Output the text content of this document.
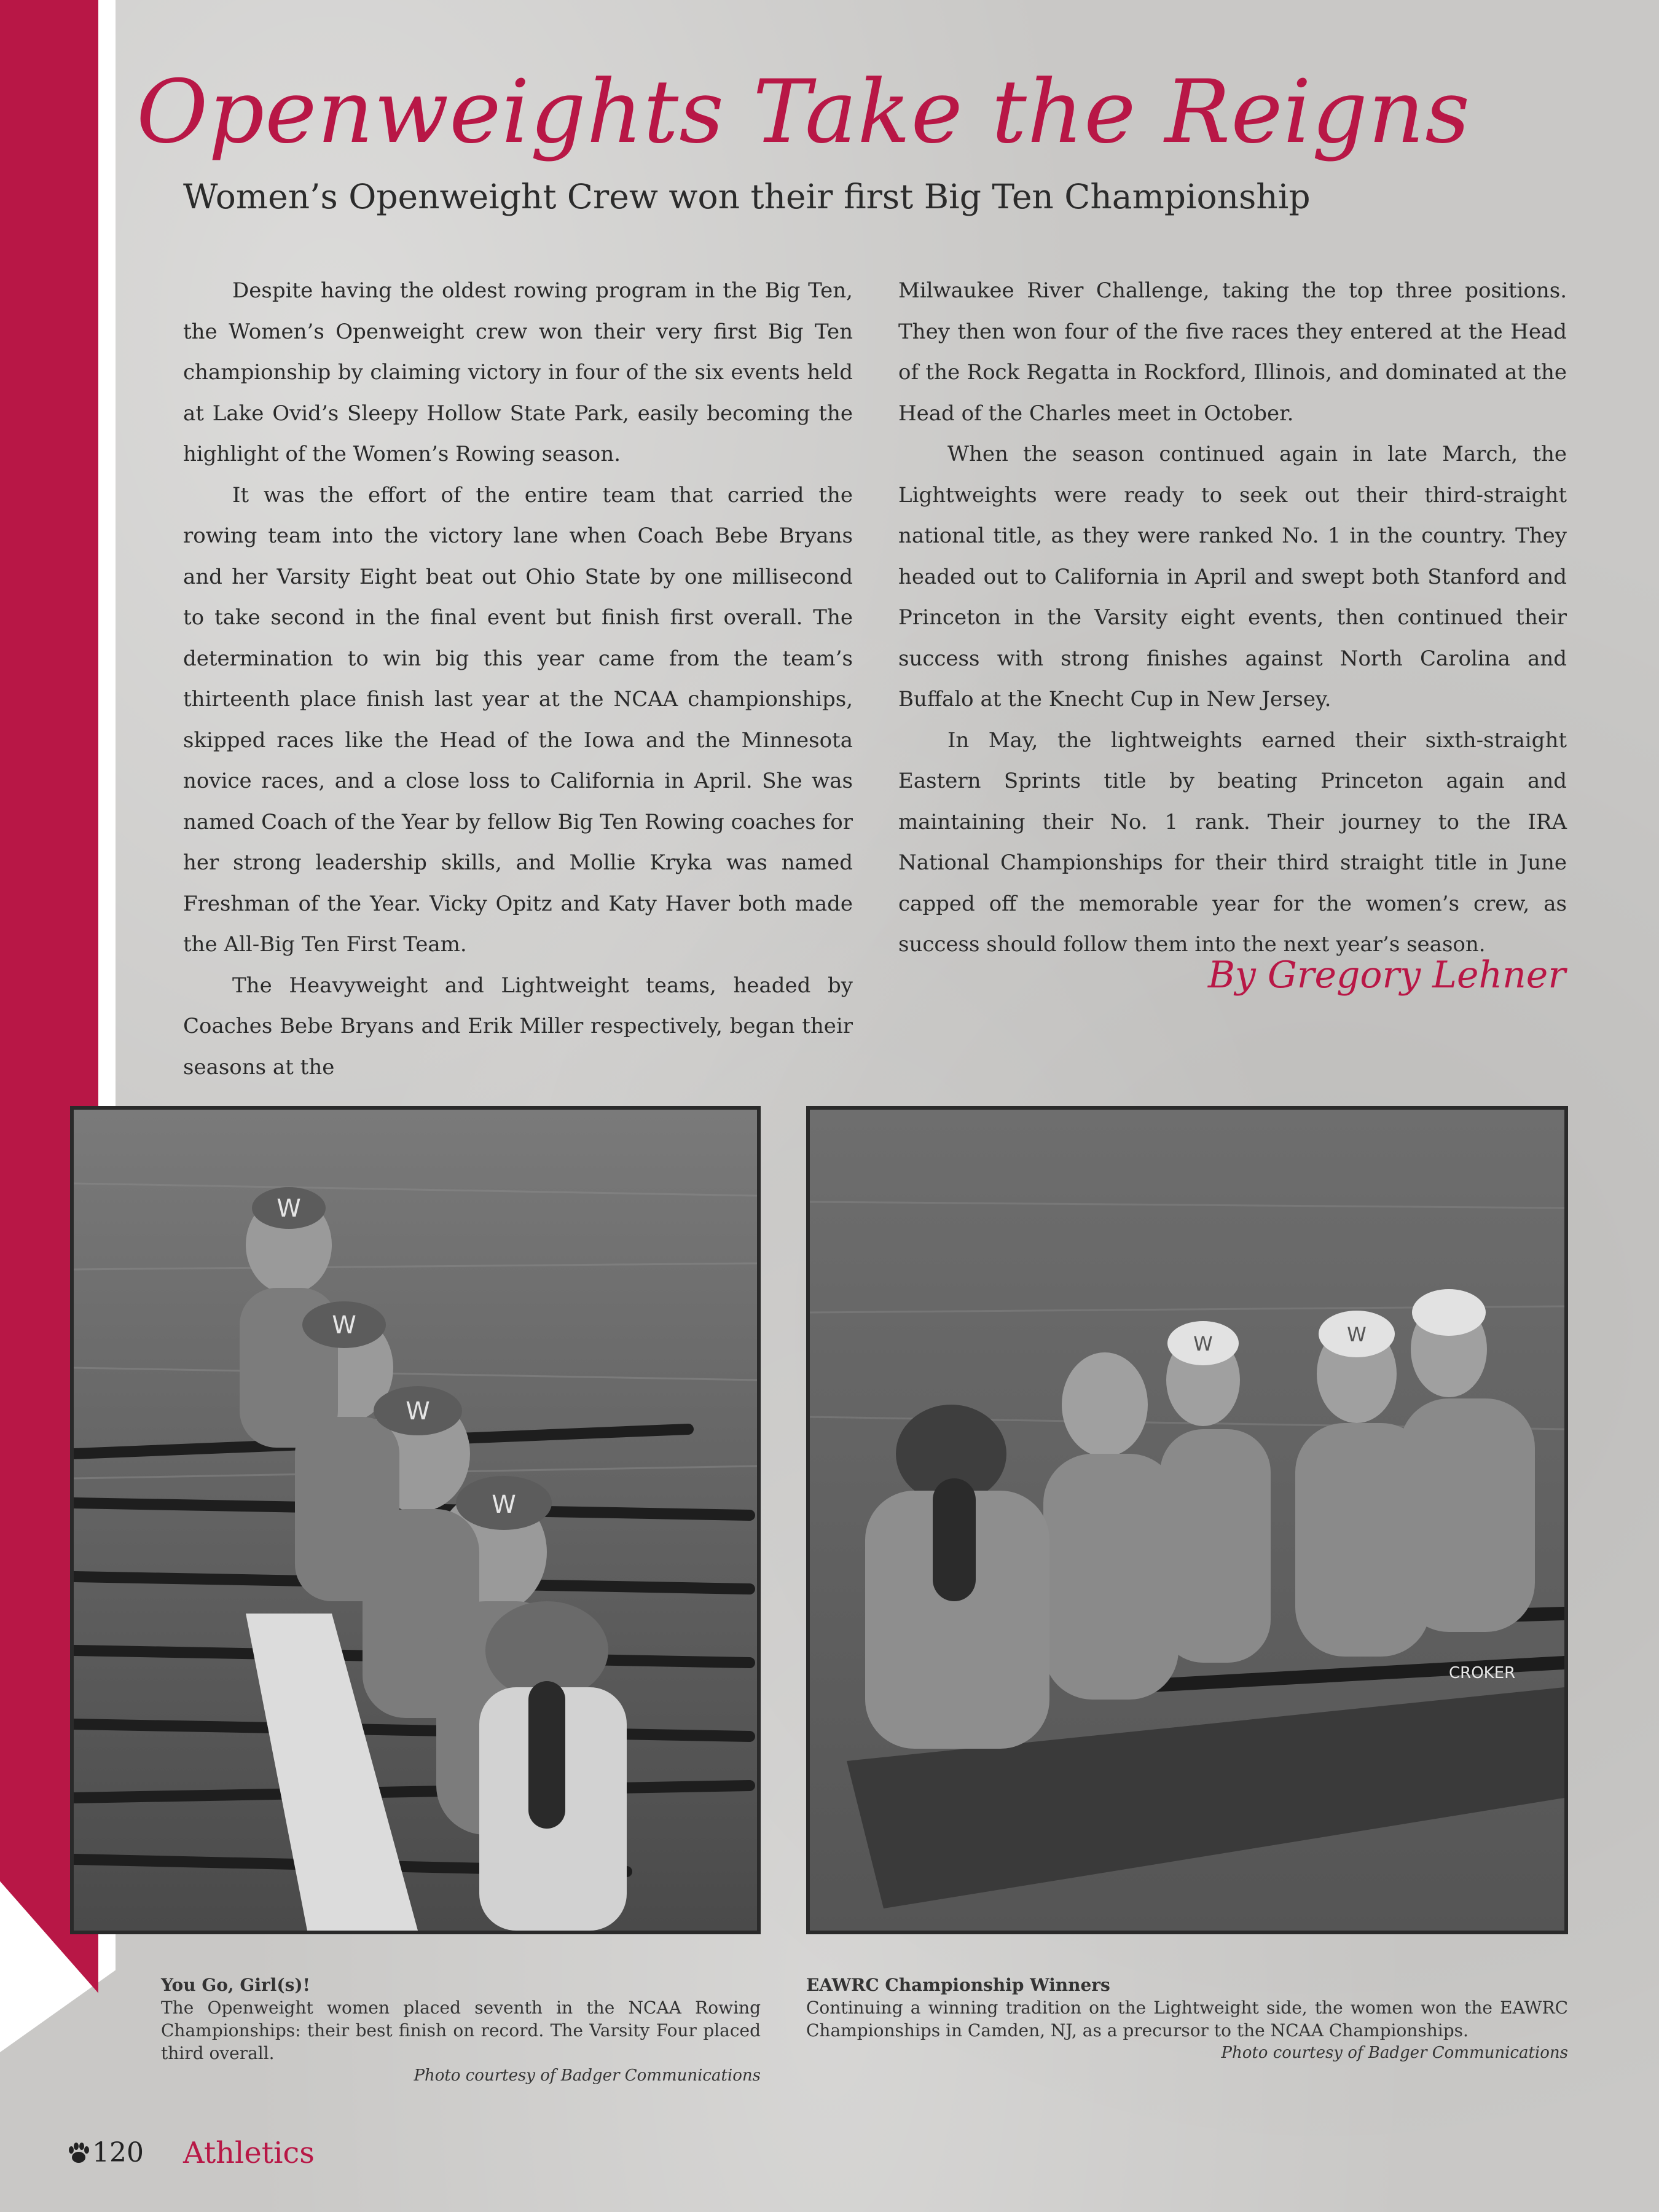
Openweights Take the Reigns
Women’s Openweight Crew won their first Big Ten Championship

Despite having the oldest rowing program in the Big Ten, the Women’s Openweight crew won their very first Big Ten championship by claiming victory in four of the six events held at Lake Ovid’s Sleepy Hollow State Park, easily becoming the highlight of the Women’s Rowing season.

It was the effort of the entire team that carried the rowing team into the victory lane when Coach Bebe Bryans and her Varsity Eight beat out Ohio State by one millisecond to take second in the final event but finish first overall. The determination to win big this year came from the team’s thirteenth place finish last year at the NCAA championships, skipped races like the Head of the Iowa and the Minnesota novice races, and a close loss to California in April. She was named Coach of the Year by fellow Big Ten Rowing coaches for her strong leadership skills, and Mollie Kryka was named Freshman of the Year. Vicky Opitz and Katy Haver both made the All-Big Ten First Team.

The Heavyweight and Lightweight teams, headed by Coaches Bebe Bryans and Erik Miller respectively, began their seasons at the

Milwaukee River Challenge, taking the top three positions. They then won four of the five races they entered at the Head of the Rock Regatta in Rockford, Illinois, and dominated at the Head of the Charles meet in October.

When the season continued again in late March, the Lightweights were ready to seek out their third-straight national title, as they were ranked No. 1 in the country. They headed out to California in April and swept both Stanford and Princeton in the Varsity eight events, then continued their success with strong finishes against North Carolina and Buffalo at the Knecht Cup in New Jersey.

In May, the lightweights earned their sixth-straight Eastern Sprints title by beating Princeton again and maintaining their No. 1 rank. Their journey to the IRA National Championships for their third straight title in June capped off the memorable year for the women’s crew, as success should follow them into the next year’s season.

By Gregory Lehner
W
W
W
W
CROKER
W	W
You Go, Girl(s)!
The Openweight women placed seventh in the NCAA Rowing Championships: their best finish on record. The Varsity Four placed third overall.
Photo courtesy of Badger Communications
EAWRC Championship Winners
Continuing a winning tradition on the Lightweight side, the women won the EAWRC Championships in Camden, NJ, as a precursor to the NCAA Championships.
Photo courtesy of Badger Communications
120 Athletics
